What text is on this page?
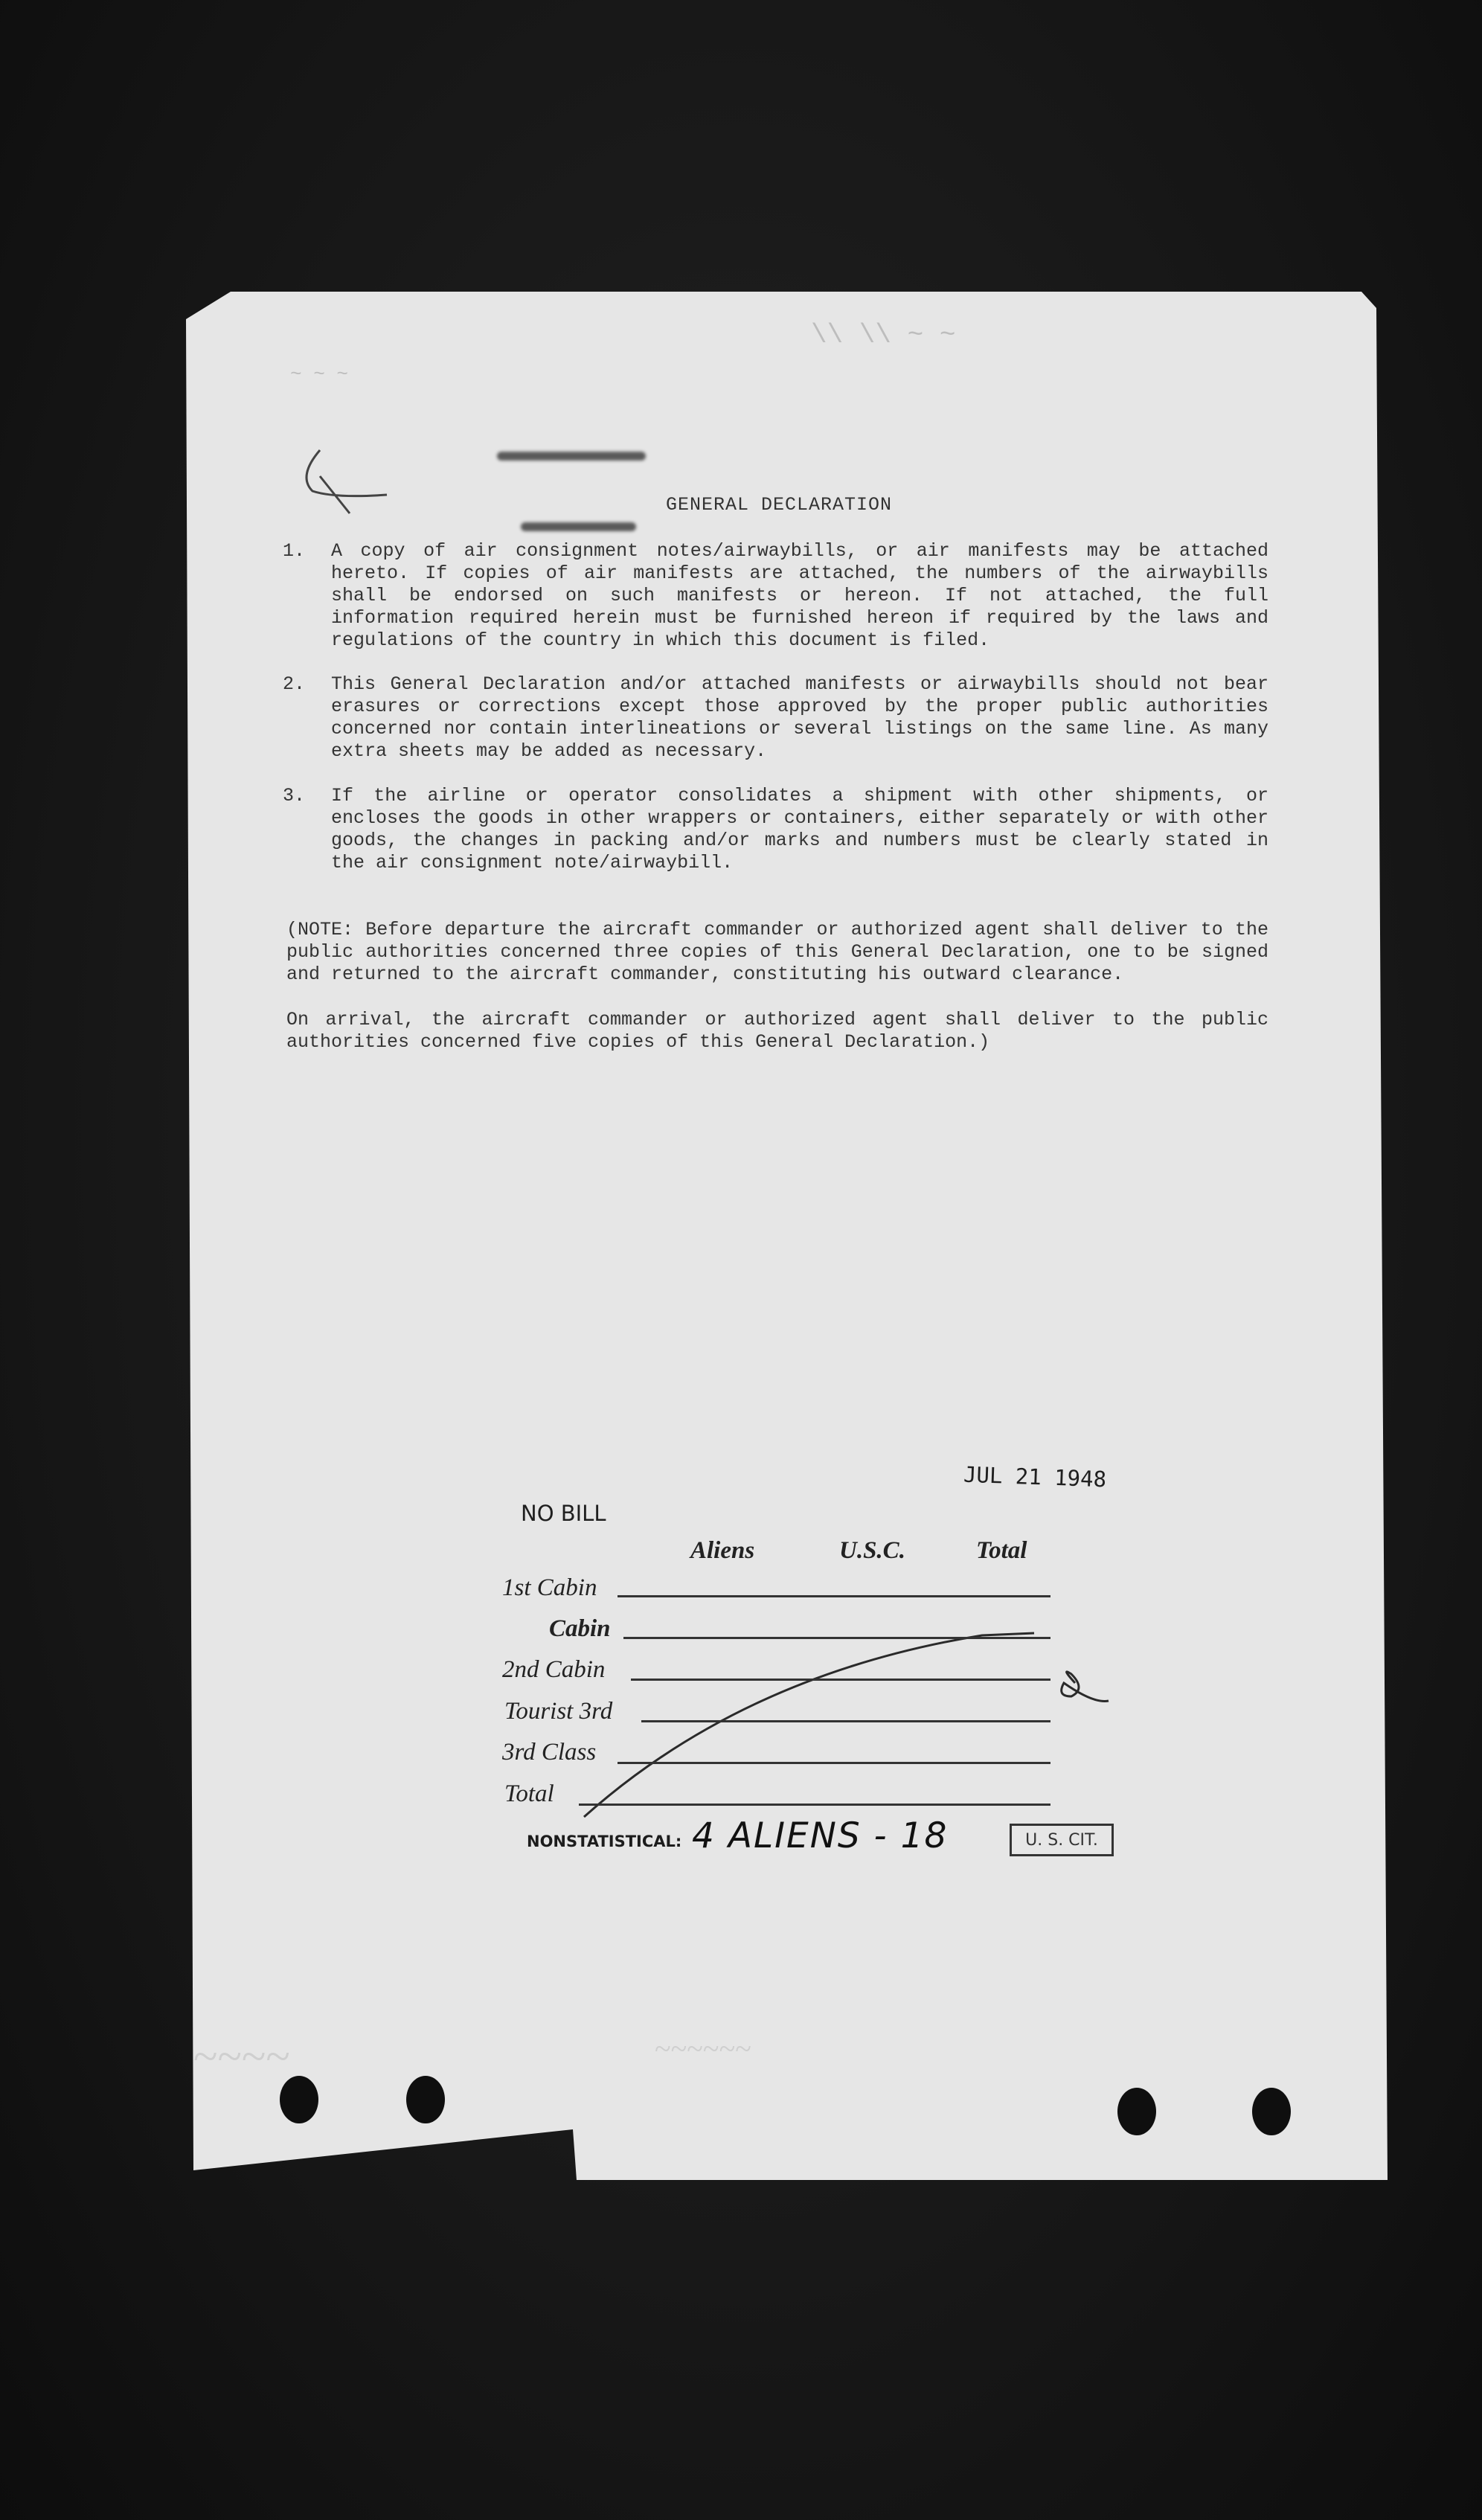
~ ~ ~
\\ \\ ~ ~
GENERAL DECLARATION
1. A copy of air consignment notes/airwaybills, or air manifests may be attached hereto. If copies of air manifests are attached, the numbers of the airwaybills shall be endorsed on such manifests or hereon. If not attached, the full information required herein must be furnished hereon if required by the laws and regulations of the country in which this document is filed.
2. This General Declaration and/or attached manifests or airwaybills should not bear erasures or corrections except those approved by the proper public authorities concerned nor contain interlineations or several listings on the same line. As many extra sheets may be added as necessary.
3. If the airline or operator consolidates a shipment with other shipments, or encloses the goods in other wrappers or containers, either separately or with other goods, the changes in packing and/or marks and numbers must be clearly stated in the air consignment note/airwaybill.
(NOTE: Before departure the aircraft commander or authorized agent shall deliver to the public authorities concerned three copies of this General Declaration, one to be signed and returned to the aircraft commander, constituting his outward clearance.
On arrival, the aircraft commander or authorized agent shall deliver to the public authorities concerned five copies of this General Declaration.)
JUL 21 1948
NO BILL
Aliens	U.S.C.	Total
1st Cabin
Cabin
2nd Cabin
Tourist 3rd
3rd Class
Total
NONSTATISTICAL: 4 ALIENS - 18	U. S. CIT.
~~~~	~~~~~~
